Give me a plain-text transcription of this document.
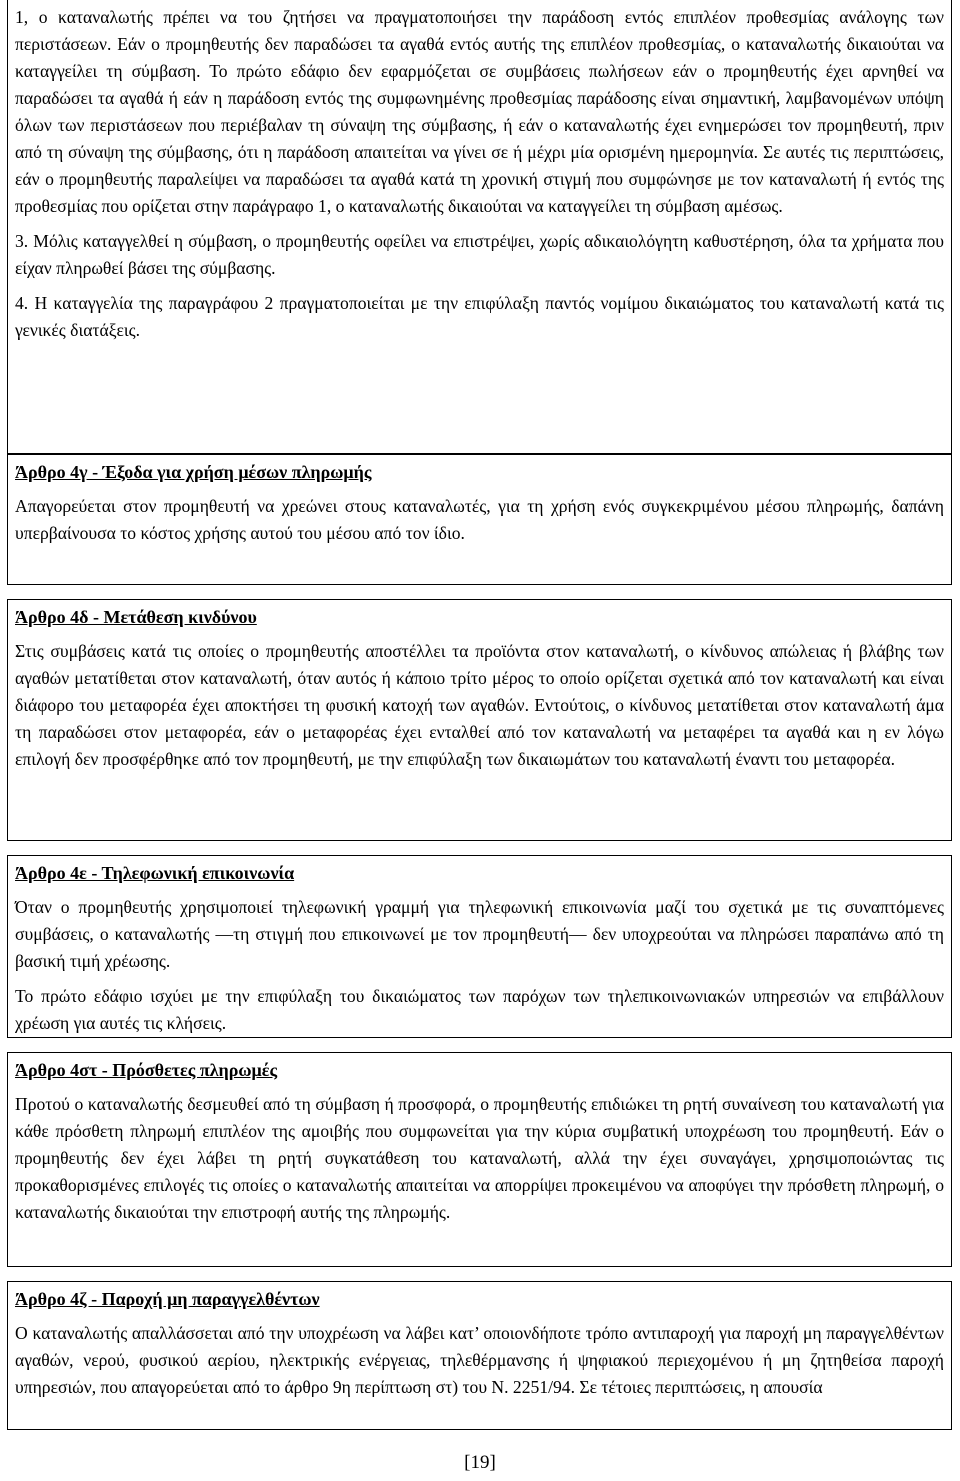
1, ο καταναλωτής πρέπει να του ζητήσει να πραγματοποιήσει την παράδοση εντός επιπλέον προθεσμίας ανάλογης των περιστάσεων. Εάν ο προμηθευτής δεν παραδώσει τα αγαθά εντός αυτής της επιπλέον προθεσμίας, ο καταναλωτής δικαιούται να καταγγείλει τη σύμβαση. Το πρώτο εδάφιο δεν εφαρμόζεται σε συμβάσεις πωλήσεων εάν ο προμηθευτής έχει αρνηθεί να παραδώσει τα αγαθά ή εάν η παράδοση εντός της συμφωνημένης προθεσμίας παράδοσης είναι σημαντική, λαμβανομένων υπόψη όλων των περιστάσεων που περιέβαλαν τη σύναψη της σύμβασης, ή εάν ο καταναλωτής έχει ενημερώσει τον προμηθευτή, πριν από τη σύναψη της σύμβασης, ότι η παράδοση απαιτείται να γίνει σε ή μέχρι μία ορισμένη ημερομηνία. Σε αυτές τις περιπτώσεις, εάν ο προμηθευτής παραλείψει να παραδώσει τα αγαθά κατά τη χρονική στιγμή που συμφώνησε με τον καταναλωτή ή εντός της προθεσμίας που ορίζεται στην παράγραφο 1, ο καταναλωτής δικαιούται να καταγγείλει τη σύμβαση αμέσως.

3. Μόλις καταγγελθεί η σύμβαση, ο προμηθευτής οφείλει να επιστρέψει, χωρίς αδικαιολόγητη καθυστέρηση, όλα τα χρήματα που είχαν πληρωθεί βάσει της σύμβασης.

4. Η καταγγελία της παραγράφου 2 πραγματοποιείται με την επιφύλαξη παντός νομίμου δικαιώματος του καταναλωτή κατά τις γενικές διατάξεις.

Άρθρο 4γ - Έξοδα για χρήση μέσων πληρωμής

Απαγορεύεται στον προμηθευτή να χρεώνει στους καταναλωτές, για τη χρήση ενός συγκεκριμένου μέσου πληρωμής, δαπάνη υπερβαίνουσα το κόστος χρήσης αυτού του μέσου από τον ίδιο.

Άρθρο 4δ - Μετάθεση κινδύνου

Στις συμβάσεις κατά τις οποίες ο προμηθευτής αποστέλλει τα προϊόντα στον καταναλωτή, ο κίνδυνος απώλειας ή βλάβης των αγαθών μετατίθεται στον καταναλωτή, όταν αυτός ή κάποιο τρίτο μέρος το οποίο ορίζεται σχετικά από τον καταναλωτή και είναι διάφορο του μεταφορέα έχει αποκτήσει τη φυσική κατοχή των αγαθών. Εντούτοις, ο κίνδυνος μετατίθεται στον καταναλωτή άμα τη παραδώσει στον μεταφορέα, εάν ο μεταφορέας έχει ενταλθεί από τον καταναλωτή να μεταφέρει τα αγαθά και η εν λόγω επιλογή δεν προσφέρθηκε από τον προμηθευτή, με την επιφύλαξη των δικαιωμάτων του καταναλωτή έναντι του μεταφορέα.

Άρθρο 4ε - Τηλεφωνική επικοινωνία

Όταν ο προμηθευτής χρησιμοποιεί τηλεφωνική γραμμή για τηλεφωνική επικοινωνία μαζί του σχετικά με τις συναπτόμενες συμβάσεις, ο καταναλωτής —τη στιγμή που επικοινωνεί με τον προμηθευτή— δεν υποχρεούται να πληρώσει παραπάνω από τη βασική τιμή χρέωσης.

Το πρώτο εδάφιο ισχύει με την επιφύλαξη του δικαιώματος των παρόχων των τηλεπικοινωνιακών υπηρεσιών να επιβάλλουν χρέωση για αυτές τις κλήσεις.

Άρθρο 4στ - Πρόσθετες πληρωμές

Προτού ο καταναλωτής δεσμευθεί από τη σύμβαση ή προσφορά, ο προμηθευτής επιδιώκει τη ρητή συναίνεση του καταναλωτή για κάθε πρόσθετη πληρωμή επιπλέον της αμοιβής που συμφωνείται για την κύρια συμβατική υποχρέωση του προμηθευτή. Εάν ο προμηθευτής δεν έχει λάβει τη ρητή συγκατάθεση του καταναλωτή, αλλά την έχει συναγάγει, χρησιμοποιώντας τις προκαθορισμένες επιλογές τις οποίες ο καταναλωτής απαιτείται να απορρίψει προκειμένου να αποφύγει την πρόσθετη πληρωμή, ο καταναλωτής δικαιούται την επιστροφή αυτής της πληρωμής.

Άρθρο 4ζ - Παροχή μη παραγγελθέντων

Ο καταναλωτής απαλλάσσεται από την υποχρέωση να λάβει κατ’ οποιονδήποτε τρόπο αντιπαροχή για παροχή μη παραγγελθέντων αγαθών, νερού, φυσικού αερίου, ηλεκτρικής ενέργειας, τηλεθέρμανσης ή ψηφιακού περιεχομένου ή μη ζητηθείσα παροχή υπηρεσιών, που απαγορεύεται από το άρθρο 9η περίπτωση στ) του Ν. 2251/94. Σε τέτοιες περιπτώσεις, η απουσία

[19]
